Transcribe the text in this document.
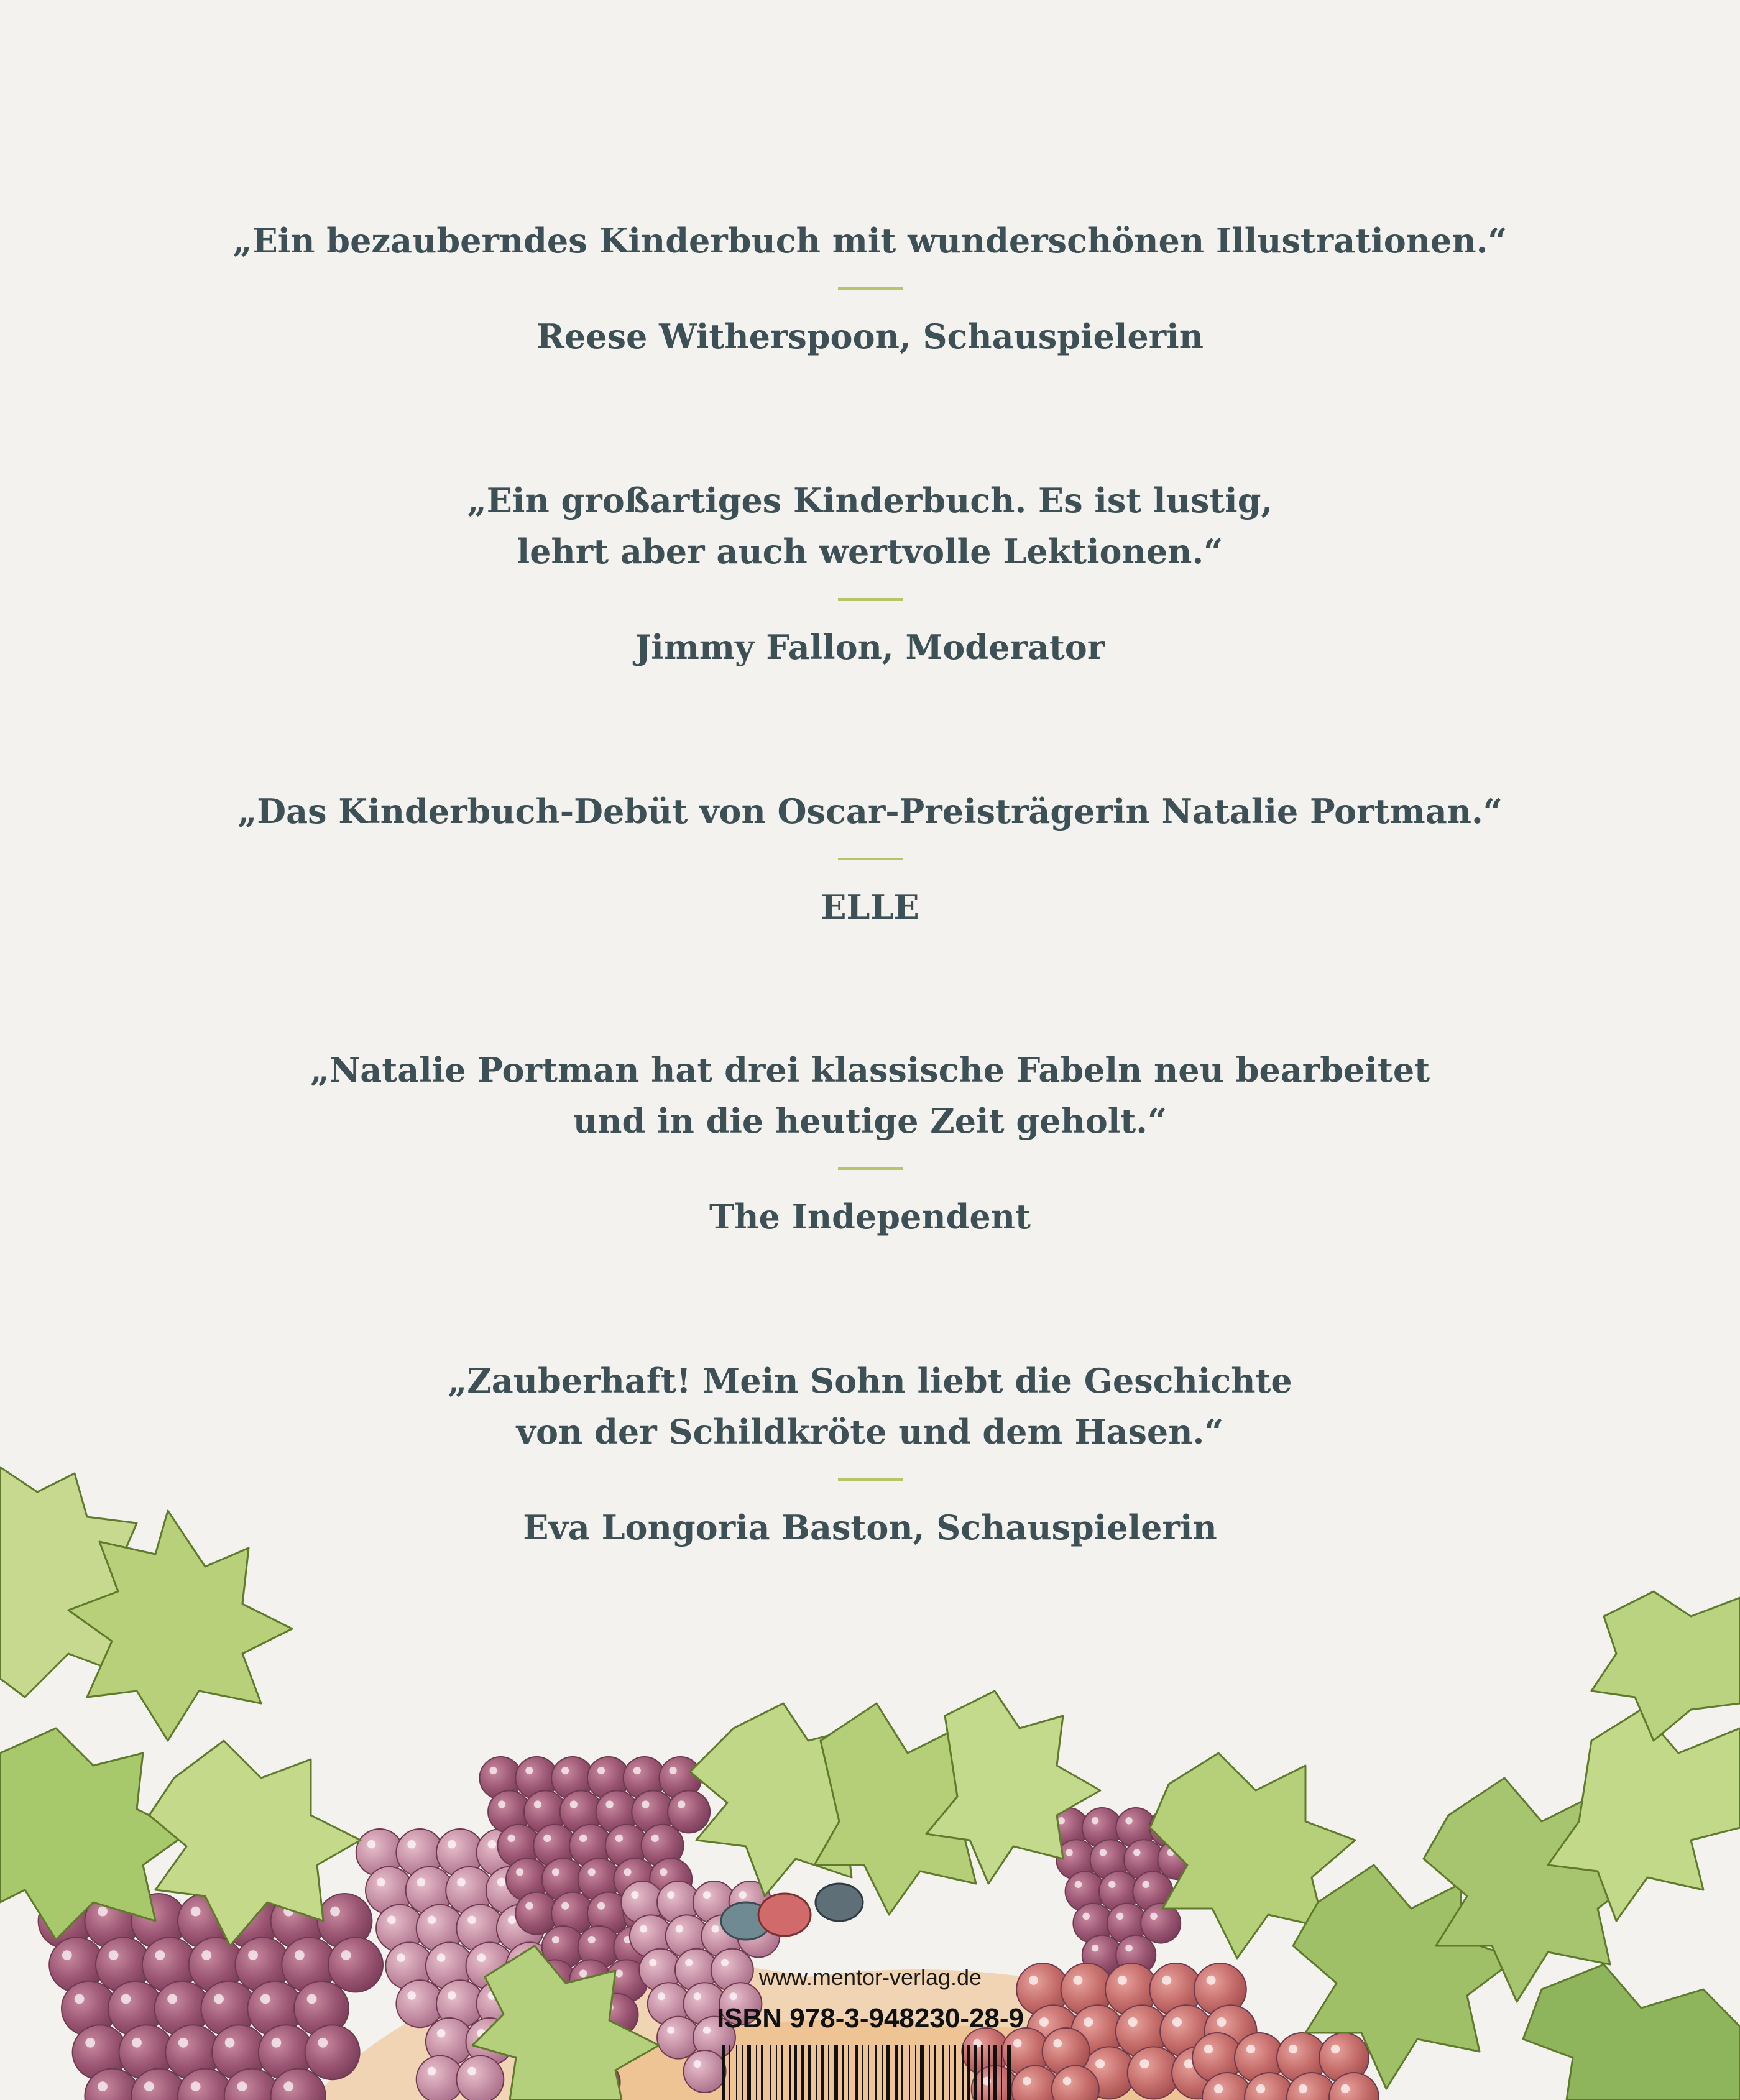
„Ein bezauberndes Kinderbuch mit wunderschönen Illustrationen.“

Reese Witherspoon, Schauspielerin

„Ein großartiges Kinderbuch. Es ist lustig,

lehrt aber auch wertvolle Lektionen.“

Jimmy Fallon, Moderator

„Das Kinderbuch-Debüt von Oscar-Preisträgerin Natalie Portman.“

ELLE

„Natalie Portman hat drei klassische Fabeln neu bearbeitet

und in die heutige Zeit geholt.“

The Independent

„Zauberhaft! Mein Sohn liebt die Geschichte

von der Schildkröte und dem Hasen.“

Eva Longoria Baston, Schauspielerin

www.mentor-verlag.de
ISBN 978-3-948230-28-9
